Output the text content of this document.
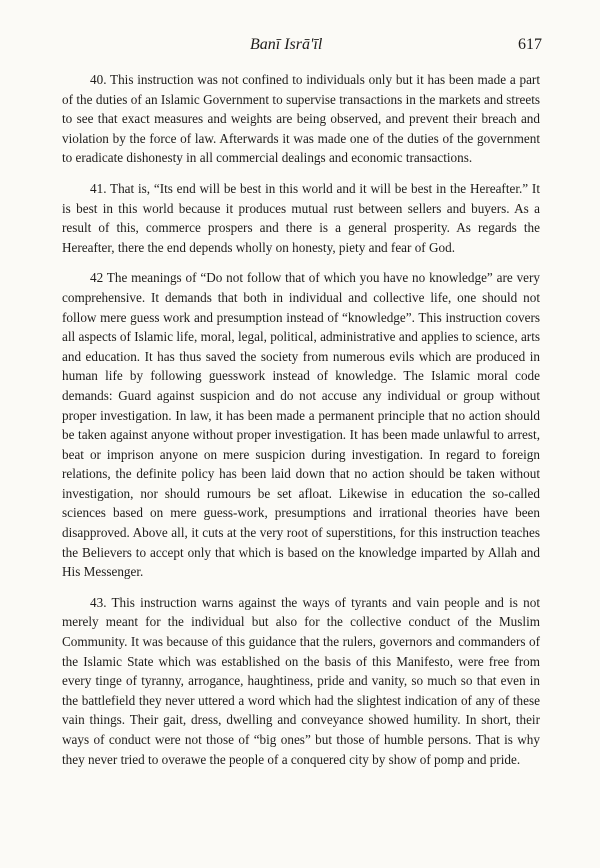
Banī Isrā'īl	617

40. This instruction was not confined to individuals only but it has been made a part of the duties of an Islamic Government to supervise transactions in the markets and streets to see that exact measures and weights are being observed, and prevent their breach and violation by the force of law. Afterwards it was made one of the duties of the government to eradicate dishonesty in all commercial dealings and economic transactions.

41. That is, “Its end will be best in this world and it will be best in the Hereafter.” It is best in this world because it produces mutual rust between sellers and buyers. As a result of this, commerce prospers and there is a general prosperity. As regards the Hereafter, there the end depends wholly on honesty, piety and fear of God.

42 The meanings of “Do not follow that of which you have no knowledge” are very comprehensive. It demands that both in individual and collective life, one should not follow mere guess work and presumption instead of “knowledge”. This instruction covers all aspects of Islamic life, moral, legal, political, administrative and applies to science, arts and education. It has thus saved the society from numerous evils which are produced in human life by following guesswork instead of knowledge. The Islamic moral code demands: Guard against suspicion and do not accuse any individual or group without proper investigation. In law, it has been made a permanent principle that no action should be taken against anyone without proper investigation. It has been made unlawful to arrest, beat or imprison anyone on mere suspicion during investigation. In regard to foreign relations, the definite policy has been laid down that no action should be taken without investigation, nor should rumours be set afloat. Likewise in education the so-called sciences based on mere guess-work, presumptions and irrational theories have been disapproved. Above all, it cuts at the very root of superstitions, for this instruction teaches the Believers to accept only that which is based on the knowledge imparted by Allah and His Messenger.

43. This instruction warns against the ways of tyrants and vain people and is not merely meant for the individual but also for the collective conduct of the Muslim Community. It was because of this guidance that the rulers, governors and commanders of the Islamic State which was established on the basis of this Manifesto, were free from every tinge of tyranny, arrogance, haughtiness, pride and vanity, so much so that even in the battlefield they never uttered a word which had the slightest indication of any of these vain things. Their gait, dress, dwelling and conveyance showed humility. In short, their ways of conduct were not those of “big ones” but those of humble persons. That is why they never tried to overawe the people of a conquered city by show of pomp and pride.
